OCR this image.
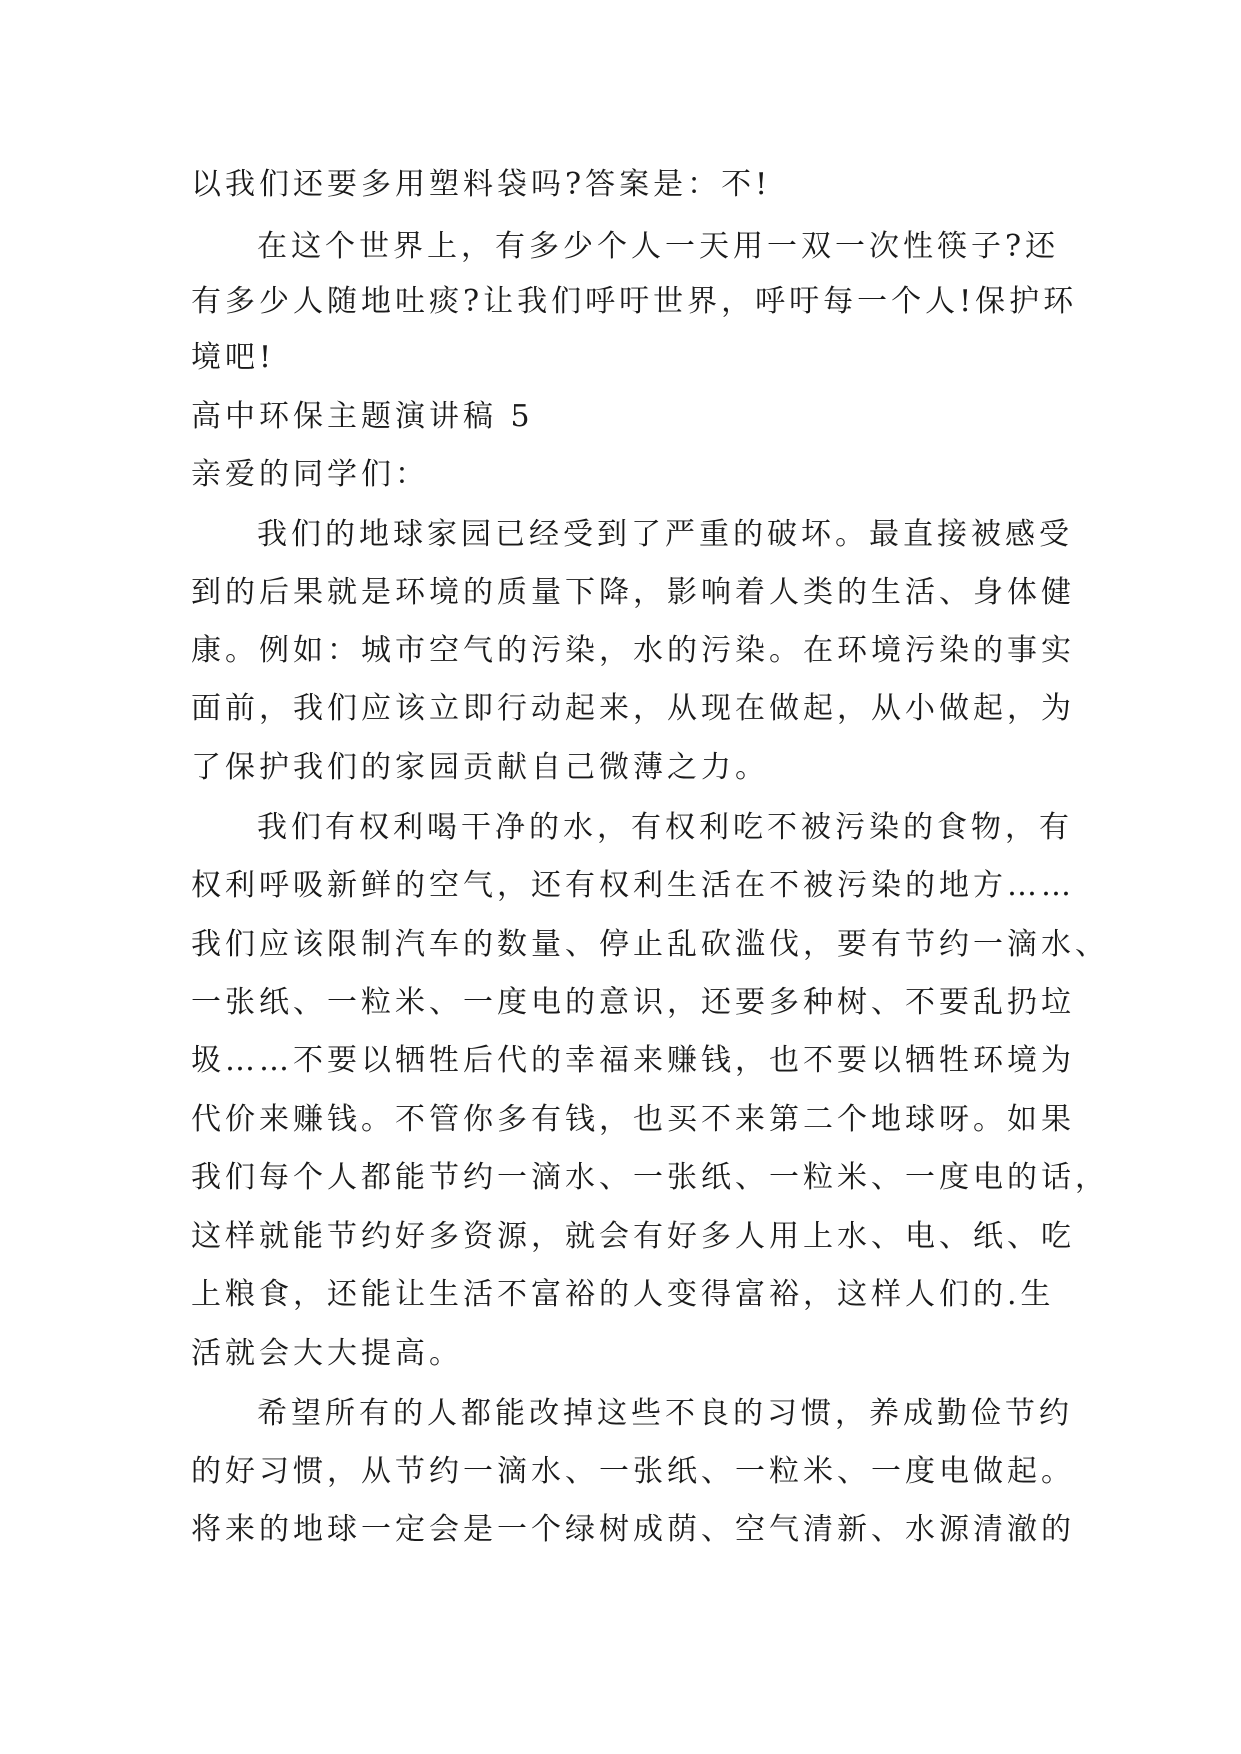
以我们还要多用塑料袋吗?答案是：不!
在这个世界上，有多少个人一天用一双一次性筷子?还
有多少人随地吐痰?让我们呼吁世界，呼吁每一个人!保护环
境吧!
高中环保主题演讲稿 5
亲爱的同学们：
我们的地球家园已经受到了严重的破坏。最直接被感受
到的后果就是环境的质量下降，影响着人类的生活、身体健
康。例如：城市空气的污染，水的污染。在环境污染的事实
面前，我们应该立即行动起来，从现在做起，从小做起，为
了保护我们的家园贡献自己微薄之力。
我们有权利喝干净的水，有权利吃不被污染的食物，有
权利呼吸新鲜的空气，还有权利生活在不被污染的地方……
我们应该限制汽车的数量、停止乱砍滥伐，要有节约一滴水、
一张纸、一粒米、一度电的意识，还要多种树、不要乱扔垃
圾……不要以牺牲后代的幸福来赚钱，也不要以牺牲环境为
代价来赚钱。不管你多有钱，也买不来第二个地球呀。如果
我们每个人都能节约一滴水、一张纸、一粒米、一度电的话，
这样就能节约好多资源，就会有好多人用上水、电、纸、吃
上粮食，还能让生活不富裕的人变得富裕，这样人们的.生
活就会大大提高。
希望所有的人都能改掉这些不良的习惯，养成勤俭节约
的好习惯，从节约一滴水、一张纸、一粒米、一度电做起。
将来的地球一定会是一个绿树成荫、空气清新、水源清澈的
